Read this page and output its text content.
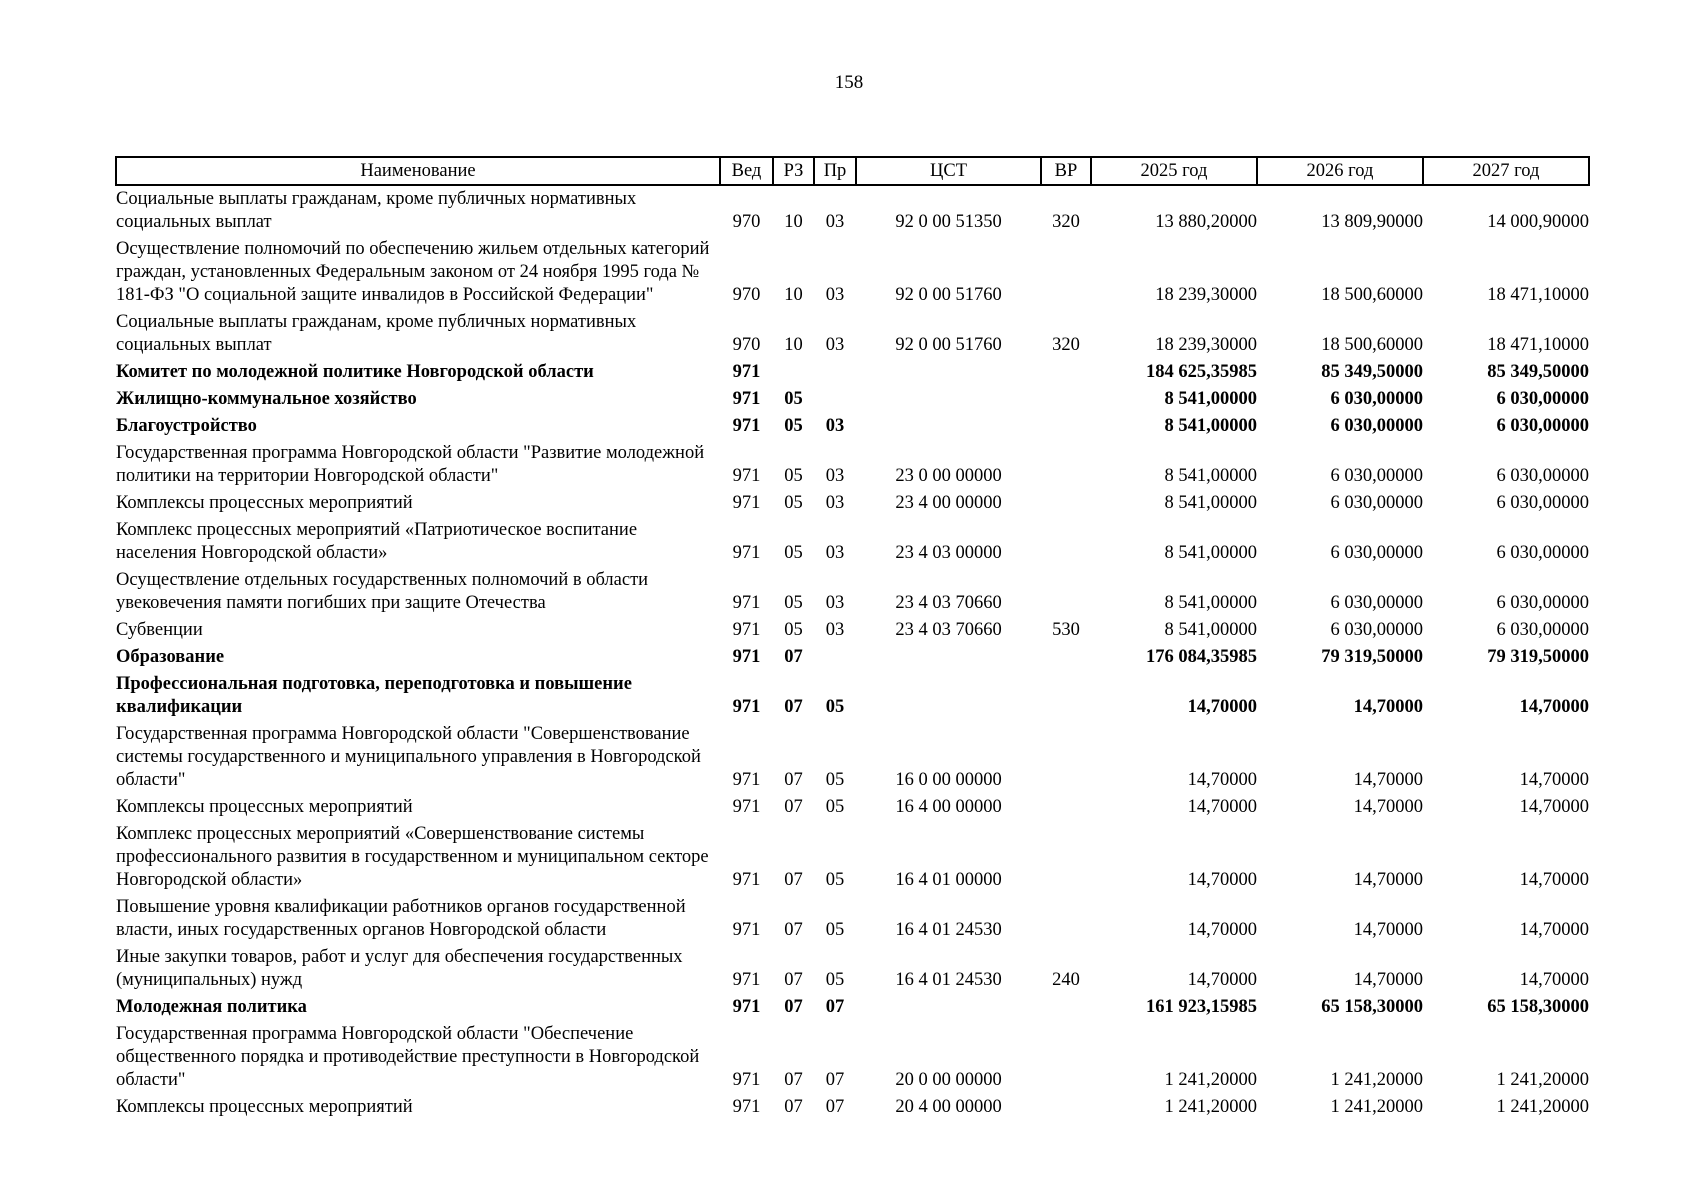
158
Наименование	Вед	РЗ	Пр	ЦСТ	ВР	2025 год	2026 год	2027 год
Социальные выплаты гражданам, кроме публичных нормативных социальных выплат	970	10	03	92 0 00 51350	320	13 880,20000	13 809,90000	14 000,90000
Осуществление полномочий по обеспечению жильем отдельных категорий граждан, установленных Федеральным законом от 24 ноября 1995 года № 181-ФЗ "О социальной защите инвалидов в Российской Федерации"	970	10	03	92 0 00 51760		18 239,30000	18 500,60000	18 471,10000
Социальные выплаты гражданам, кроме публичных нормативных социальных выплат	970	10	03	92 0 00 51760	320	18 239,30000	18 500,60000	18 471,10000
Комитет по молодежной политике Новгородской области	971					184 625,35985	85 349,50000	85 349,50000
Жилищно-коммунальное хозяйство	971	05				8 541,00000	6 030,00000	6 030,00000
Благоустройство	971	05	03			8 541,00000	6 030,00000	6 030,00000
Государственная программа Новгородской области "Развитие молодежной политики на территории Новгородской области"	971	05	03	23 0 00 00000		8 541,00000	6 030,00000	6 030,00000
Комплексы процессных мероприятий	971	05	03	23 4 00 00000		8 541,00000	6 030,00000	6 030,00000
Комплекс процессных мероприятий «Патриотическое воспитание населения Новгородской области»	971	05	03	23 4 03 00000		8 541,00000	6 030,00000	6 030,00000
Осуществление отдельных государственных полномочий в области увековечения памяти погибших при защите Отечества	971	05	03	23 4 03 70660		8 541,00000	6 030,00000	6 030,00000
Субвенции	971	05	03	23 4 03 70660	530	8 541,00000	6 030,00000	6 030,00000
Образование	971	07				176 084,35985	79 319,50000	79 319,50000
Профессиональная подготовка, переподготовка и повышение квалификации	971	07	05			14,70000	14,70000	14,70000
Государственная программа Новгородской области "Совершенствование системы государственного и муниципального управления в Новгородской области"	971	07	05	16 0 00 00000		14,70000	14,70000	14,70000
Комплексы процессных мероприятий	971	07	05	16 4 00 00000		14,70000	14,70000	14,70000
Комплекс процессных мероприятий «Совершенствование системы профессионального развития в государственном и муниципальном секторе Новгородской области»	971	07	05	16 4 01 00000		14,70000	14,70000	14,70000
Повышение уровня квалификации работников органов государственной власти, иных государственных органов Новгородской области	971	07	05	16 4 01 24530		14,70000	14,70000	14,70000
Иные закупки товаров, работ и услуг для обеспечения государственных (муниципальных) нужд	971	07	05	16 4 01 24530	240	14,70000	14,70000	14,70000
Молодежная политика	971	07	07			161 923,15985	65 158,30000	65 158,30000
Государственная программа Новгородской области "Обеспечение общественного порядка и противодействие преступности в Новгородской области"	971	07	07	20 0 00 00000		1 241,20000	1 241,20000	1 241,20000
Комплексы процессных мероприятий	971	07	07	20 4 00 00000		1 241,20000	1 241,20000	1 241,20000
